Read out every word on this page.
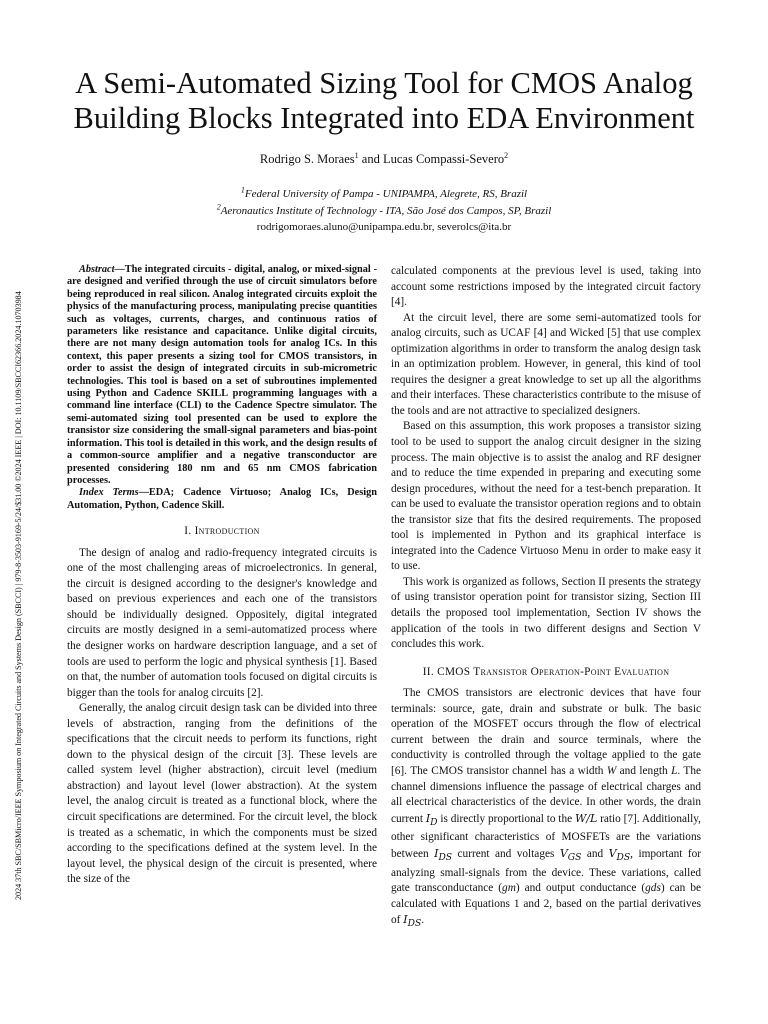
2024 37th SBC/SBMicro/IEEE Symposium on Integrated Circuits and Systems Design (SBCCI) | 979-8-3503-9169-5/24/$31.00 ©2024 IEEE | DOI: 10.1109/SBCCI62366.2024.10703984
A Semi-Automated Sizing Tool for CMOS Analog Building Blocks Integrated into EDA Environment
Rodrigo S. Moraes$^1$ and Lucas Compassi-Severo$^2$
$^1$Federal University of Pampa - UNIPAMPA, Alegrete, RS, Brazil
$^2$Aeronautics Institute of Technology - ITA, São José dos Campos, SP, Brazil
rodrigomoraes.aluno@unipampa.edu.br, severolcs@ita.br

Abstract—The integrated circuits - digital, analog, or mixed-signal - are designed and verified through the use of circuit simulators before being reproduced in real silicon. Analog integrated circuits exploit the physics of the manufacturing process, manipulating precise quantities such as voltages, currents, charges, and continuous ratios of parameters like resistance and capacitance. Unlike digital circuits, there are not many design automation tools for analog ICs. In this context, this paper presents a sizing tool for CMOS transistors, in order to assist the design of integrated circuits in sub-micrometric technologies. This tool is based on a set of subroutines implemented using Python and Cadence SKILL programming languages with a command line interface (CLI) to the Cadence Spectre simulator. The semi-automated sizing tool presented can be used to explore the transistor size considering the small-signal parameters and bias-point information. This tool is detailed in this work, and the design results of a common-source amplifier and a negative transconductor are presented considering 180 nm and 65 nm CMOS fabrication processes.

Index Terms—EDA; Cadence Virtuoso; Analog ICs, Design Automation, Python, Cadence Skill.

I. Introduction

The design of analog and radio-frequency integrated circuits is one of the most challenging areas of microelectronics. In general, the circuit is designed according to the designer's knowledge and based on previous experiences and each one of the transistors should be individually designed. Oppositely, digital integrated circuits are mostly designed in a semi-automatized process where the designer works on hardware description language, and a set of tools are used to perform the logic and physical synthesis [1]. Based on that, the number of automation tools focused on digital circuits is bigger than the tools for analog circuits [2].

Generally, the analog circuit design task can be divided into three levels of abstraction, ranging from the definitions of the specifications that the circuit needs to perform its functions, right down to the physical design of the circuit [3]. These levels are called system level (higher abstraction), circuit level (medium abstraction) and layout level (lower abstraction). At the system level, the analog circuit is treated as a functional block, where the circuit specifications are determined. For the circuit level, the block is treated as a schematic, in which the components must be sized according to the specifications defined at the system level. In the layout level, the physical design of the circuit is presented, where the size of the

calculated components at the previous level is used, taking into account some restrictions imposed by the integrated circuit factory [4].

At the circuit level, there are some semi-automatized tools for analog circuits, such as UCAF [4] and Wicked [5] that use complex optimization algorithms in order to transform the analog design task in an optimization problem. However, in general, this kind of tool requires the designer a great knowledge to set up all the algorithms and their interfaces. These characteristics contribute to the misuse of the tools and are not attractive to specialized designers.

Based on this assumption, this work proposes a transistor sizing tool to be used to support the analog circuit designer in the sizing process. The main objective is to assist the analog and RF designer and to reduce the time expended in preparing and executing some design procedures, without the need for a test-bench preparation. It can be used to evaluate the transistor operation regions and to obtain the transistor size that fits the desired requirements. The proposed tool is implemented in Python and its graphical interface is integrated into the Cadence Virtuoso Menu in order to make easy it to use.

This work is organized as follows, Section II presents the strategy of using transistor operation point for transistor sizing, Section III details the proposed tool implementation, Section IV shows the application of the tools in two different designs and Section V concludes this work.

II. CMOS Transistor Operation-Point Evaluation

The CMOS transistors are electronic devices that have four terminals: source, gate, drain and substrate or bulk. The basic operation of the MOSFET occurs through the flow of electrical current between the drain and source terminals, where the conductivity is controlled through the voltage applied to the gate [6]. The CMOS transistor channel has a width W and length L. The channel dimensions influence the passage of electrical charges and all electrical characteristics of the device. In other words, the drain current $I_D$ is directly proportional to the W/L ratio [7]. Additionally, other significant characteristics of MOSFETs are the variations between $I_{DS}$ current and voltages $V_{GS}$ and $V_{DS}$, important for analyzing small-signals from the device. These variations, called gate transconductance (gm) and output conductance (gds) can be calculated with Equations 1 and 2, based on the partial derivatives of $I_{DS}$.
